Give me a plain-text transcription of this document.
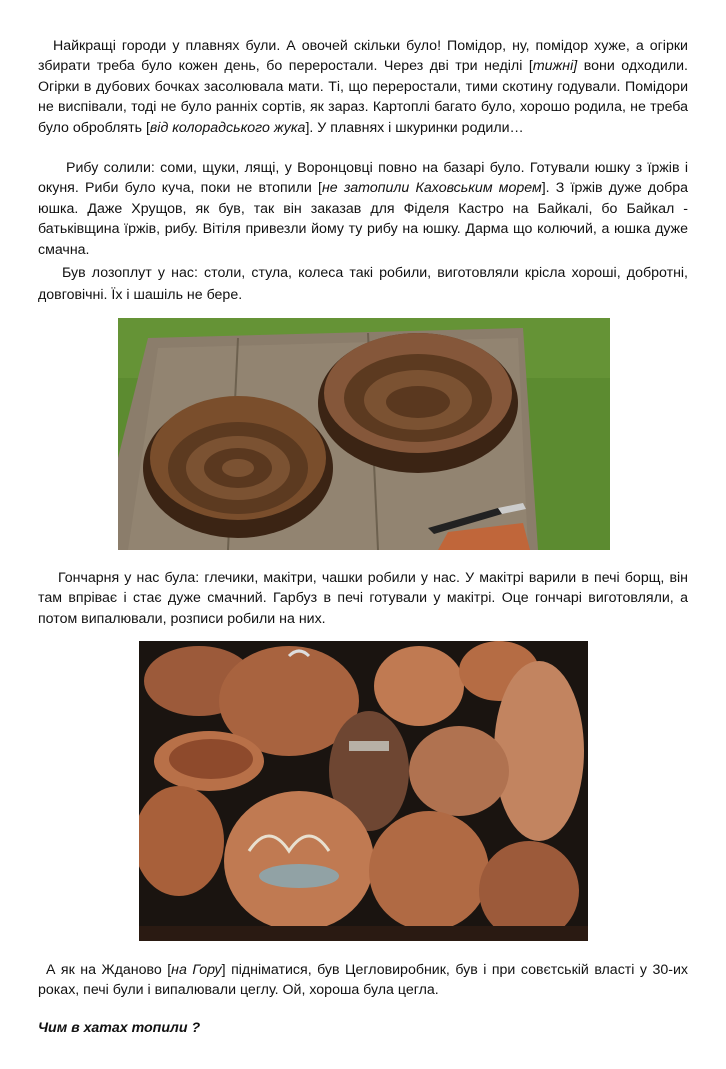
Найкращі городи у плавнях були. А овочей скільки було! Помідор, ну, помідор хуже, а огірки збирати треба було кожен день, бо переростали. Через дві три неділі [тижні] вони одходили. Огірки в дубових бочках засолювала мати. Ті, що переростали, тими скотину годували. Помідори не виспівали, тоді не було ранніх сортів, як зараз. Картоплі багато було, хорошо родила, не треба було оброблять [від колорадського жука]. У плавнях і шкуринки родили…

Рибу солили: соми, щуки, лящі, у Воронцовці повно на базарі було. Готували юшку з їржів і окуня. Риби було куча, поки не втопили [не затопили Каховським морем]. З їржів дуже добра юшка. Даже Хрущов, як був, так він заказав для Фіделя Кастро на Байкалі, бо Байкал - батьківщина їржів, рибу. Вітіля привезли йому ту рибу на юшку. Дарма що колючий, а юшка дуже смачна.

Був лозоплут у нас: столи, стула, колеса такі робили, виготовляли крісла хороші, добротні, довговічні. Їх і шашіль не бере.

Гончарня у нас була: глечики, макітри, чашки робили у нас. У макітрі варили в печі борщ, він там впріває і стає дуже смачний. Гарбуз в печі готували у макітрі. Оце гончарі виготовляли, а потом випалювали, розписи робили на них.

А як на Жданово [на Гору] підніматися, був Цегловиробник, був і при совєтській власті у 30-их роках, печі були і випалювали цеглу. Ой, хороша була цегла.

Чим в хатах топили ?
